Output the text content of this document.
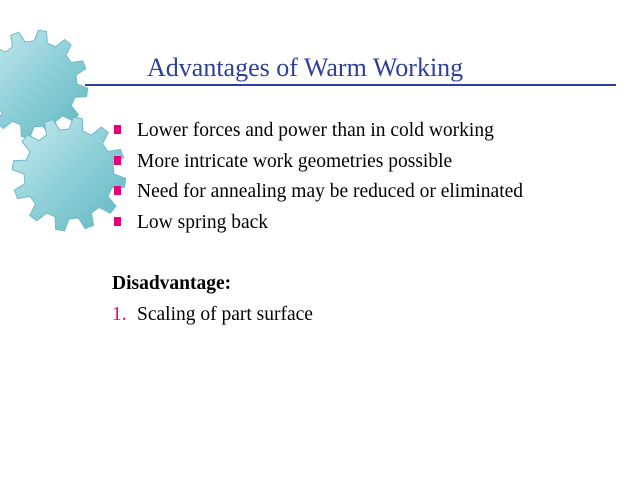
Advantages of Warm Working
Lower forces and power than in cold working
More intricate work geometries possible
Need for annealing may be reduced or eliminated
Low spring back
Disadvantage:
1. Scaling of part surface
